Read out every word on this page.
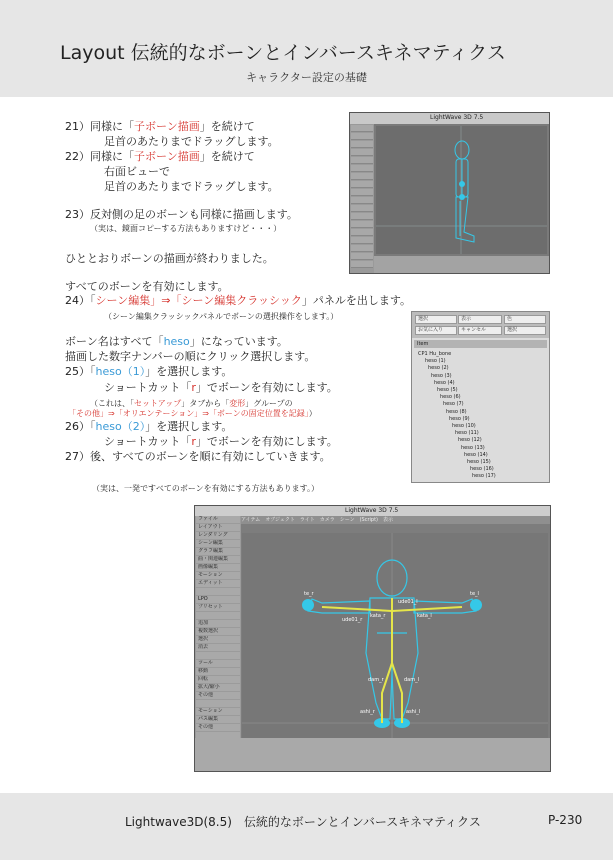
Layout 伝統的なボーンとインバースキネマティクス
キャラクター設定の基礎
21）同様に「子ボーン描画」を続けて
足首のあたりまでドラッグします。
22）同様に「子ボーン描画」を続けて
右面ビューで
足首のあたりまでドラッグします。
23）反対側の足のボーンも同様に描画します。
（実は、鏡面コピーする方法もありますけど・・・）
ひととおりボーンの描画が終わりました。
すべてのボーンを有効にします。
24）「シーン編集」⇒「シーン編集クラッシック」パネルを出します。
（シーン編集クラッシックパネルでボーンの選択操作をします。）
ボーン名はすべて「heso」になっています。
描画した数字ナンバーの順にクリック選択します。
25）「heso（1）」を選択します。
ショートカット「r」でボーンを有効にします。
（これは、「セットアップ」タブから「変形」グループの
「その他」⇒「オリエンテーション」⇒「ボーンの固定位置を記録」）
26）「heso（2）」を選択します。
ショートカット「r」でボーンを有効にします。
27）後、すべてのボーンを順に有効にしていきます。
（実は、一発ですべてのボーンを有効にする方法もあります。）
LightWave 3D 7.5
選択	表示	色
お気に入り	キャンセル	選択
Item
CP1 Hu_bone
heso (1)
heso (2)
heso (3)
heso (4)
heso (5)
heso (6)
heso (7)
heso (8)
heso (9)
heso (10)
heso (11)
heso (12)
heso (13)
heso (14)
heso (15)
heso (16)
heso (17)
LightWave 3D 7.5
アイテム　オブジェクト　ライト　カメラ　シーン　(Script)　表示
ファイル
レイアウト
レンダリング
シーン編集
グラフ編集
曲・関連編集
画像編集
モーション
エディット
LPO
プリセット
追加
複数選択
選択
消去
ツール
移動
回転
拡大/縮小
その他
モーション
パス編集
その他
ude01_l
ude01_r
kata_l
kata_r
te_l
te_r
dam_l
dam_r
ashi_l
ashi_r
Lightwave3D(8.5)　伝統的なボーンとインバースキネマティクス	P-230
